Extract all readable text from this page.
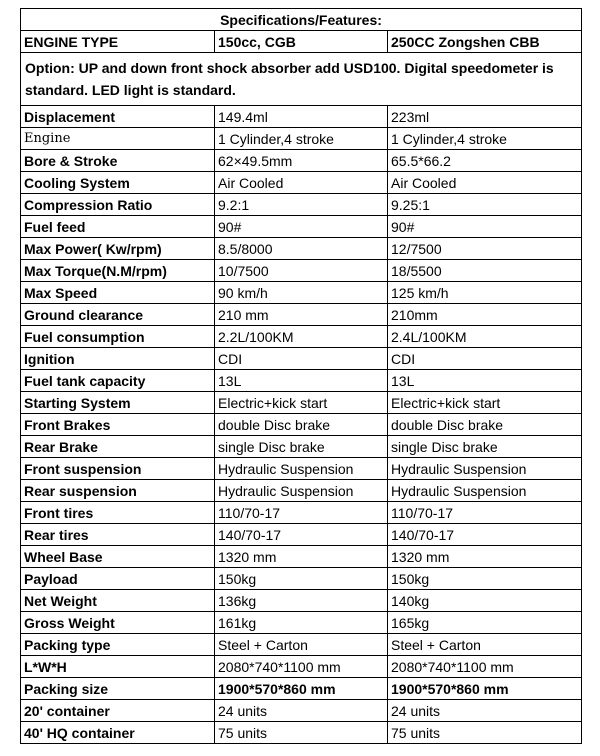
Specifications/Features:		
ENGINE TYPE	150cc, CGB	250CC Zongshen CBB
Option: UP and down front shock absorber add USD100. Digital speedometer is standard. LED light is standard.		
Displacement	149.4ml	223ml
Engine	1 Cylinder,4 stroke	1 Cylinder,4 stroke
Bore & Stroke	62×49.5mm	65.5*66.2
Cooling System	Air Cooled	Air Cooled
Compression Ratio	9.2:1	9.25:1
Fuel feed	90#	90#
Max Power( Kw/rpm)	8.5/8000	12/7500
Max Torque(N.M/rpm)	10/7500	18/5500
Max Speed	90 km/h	125 km/h
Ground clearance	210 mm	210mm
Fuel consumption	2.2L/100KM	2.4L/100KM
Ignition	CDI	CDI
Fuel tank capacity	13L	13L
Starting System	Electric+kick start	Electric+kick start
Front Brakes	double Disc brake	double Disc brake
Rear Brake	single Disc brake	single Disc brake
Front suspension	Hydraulic Suspension	Hydraulic Suspension
Rear suspension	Hydraulic Suspension	Hydraulic Suspension
Front tires	110/70-17	110/70-17
Rear tires	140/70-17	140/70-17
Wheel Base	1320 mm	1320 mm
Payload	150kg	150kg
Net Weight	136kg	140kg
Gross Weight	161kg	165kg
Packing type	Steel + Carton	Steel + Carton
L*W*H	2080*740*1100 mm	2080*740*1100 mm
Packing size	1900*570*860 mm	1900*570*860 mm
20' container	24 units	24 units
40' HQ container	75 units	75 units
